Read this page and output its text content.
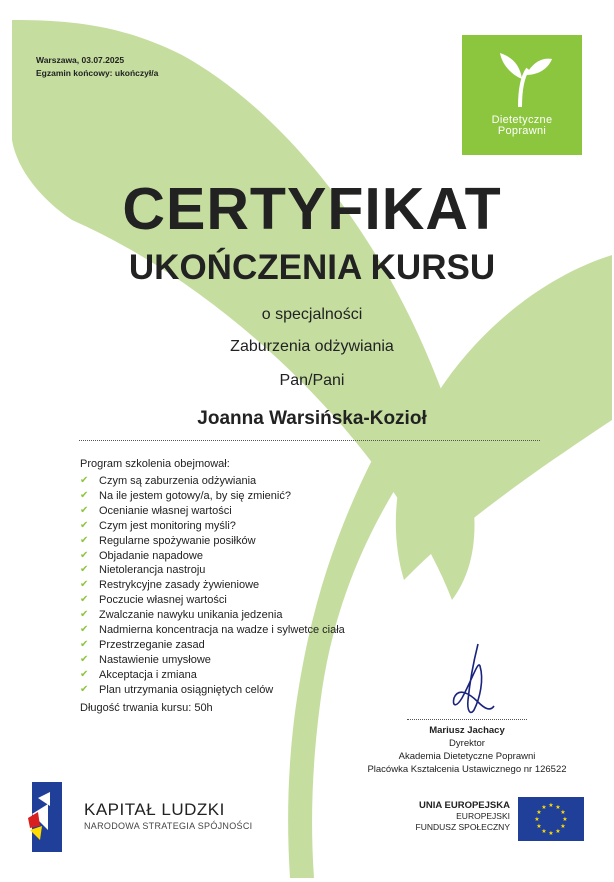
Warszawa, 03.07.2025
Egzamin końcowy: ukończył/a
Dietetyczne
Poprawni
CERTYFIKAT
UKOŃCZENIA KURSU
o specjalności
Zaburzenia odżywiania
Pan/Pani
Joanna Warsińska-Kozioł
Program szkolenia obejmował:
✔ Czym są zaburzenia odżywiania
✔ Na ile jestem gotowy/a, by się zmienić?
✔ Ocenianie własnej wartości
✔ Czym jest monitoring myśli?
✔ Regularne spożywanie posiłków
✔ Objadanie napadowe
✔ Nietolerancja nastroju
✔ Restrykcyjne zasady żywieniowe
✔ Poczucie własnej wartości
✔ Zwalczanie nawyku unikania jedzenia
✔ Nadmierna koncentracja na wadze i sylwetce ciała
✔ Przestrzeganie zasad
✔ Nastawienie umysłowe
✔ Akceptacja i zmiana
✔ Plan utrzymania osiągniętych celów
Długość trwania kursu: 50h
Mariusz Jachacy
Dyrektor
Akademia Dietetyczne Poprawni
Placówka Kształcenia Ustawicznego nr 126522
KAPITAŁ LUDZKI
NARODOWA STRATEGIA SPÓJNOŚCI
UNIA EUROPEJSKA
EUROPEJSKI
FUNDUSZ SPOŁECZNY
★ ★
★
★
★
★
★
★
★
★
★
★
